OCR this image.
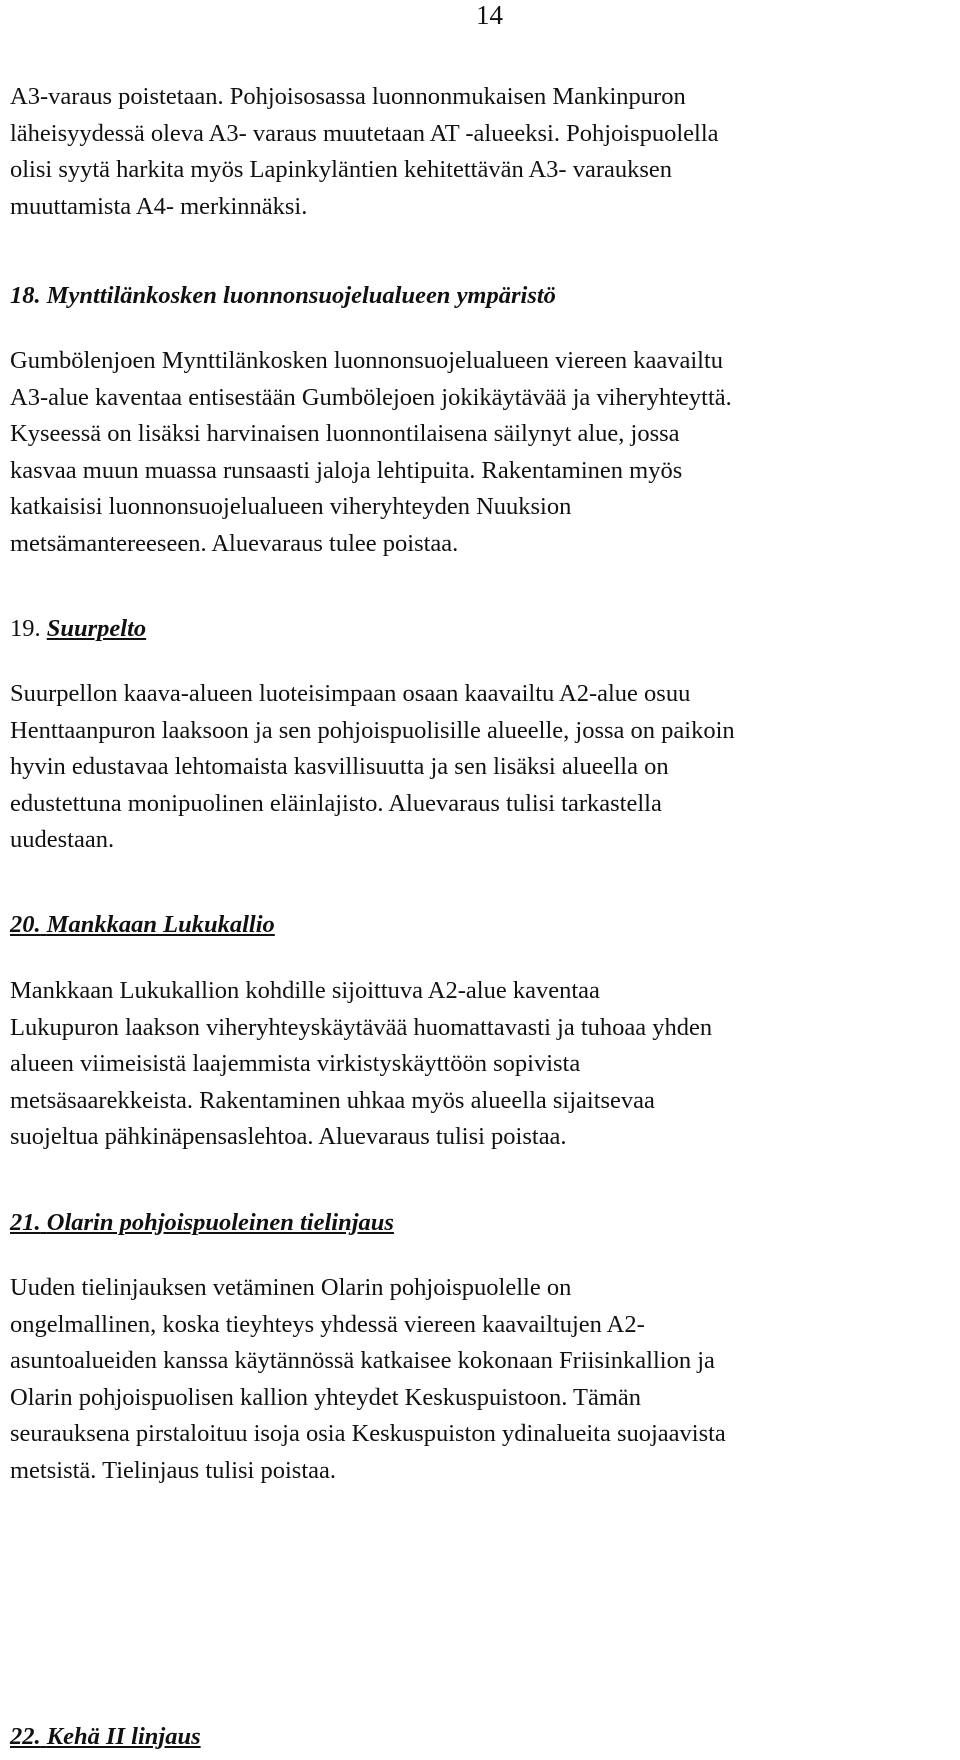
14
A3-varaus poistetaan. Pohjoisosassa luonnonmukaisen Mankinpuron
läheisyydessä oleva A3- varaus muutetaan AT -alueeksi. Pohjoispuolella
olisi syytä harkita myös Lapinkyläntien kehitettävän A3- varauksen
muuttamista A4- merkinnäksi.
18. Mynttilänkosken luonnonsuojelualueen ympäristö
Gumbölenjoen Mynttilänkosken luonnonsuojelualueen viereen kaavailtu
A3-alue kaventaa entisestään Gumbölejoen jokikäytävää ja viheryhteyttä.
Kyseessä on lisäksi harvinaisen luonnontilaisena säilynyt alue, jossa
kasvaa muun muassa runsaasti jaloja lehtipuita. Rakentaminen myös
katkaisisi luonnonsuojelualueen viheryhteyden Nuuksion
metsämantereeseen. Aluevaraus tulee poistaa.
19. Suurpelto
Suurpellon kaava-alueen luoteisimpaan osaan kaavailtu A2-alue osuu
Henttaanpuron laaksoon ja sen pohjoispuolisille alueelle, jossa on paikoin
hyvin edustavaa lehtomaista kasvillisuutta ja sen lisäksi alueella on
edustettuna monipuolinen eläinlajisto. Aluevaraus tulisi tarkastella
uudestaan.
20. Mankkaan Lukukallio
Mankkaan Lukukallion kohdille sijoittuva A2-alue kaventaa
Lukupuron laakson viheryhteyskäytävää huomattavasti ja tuhoaa yhden
alueen viimeisistä laajemmista virkistyskäyttöön sopivista
metsäsaarekkeista. Rakentaminen uhkaa myös alueella sijaitsevaa
suojeltua pähkinäpensaslehtoa. Aluevaraus tulisi poistaa.
21. Olarin pohjoispuoleinen tielinjaus
Uuden tielinjauksen vetäminen Olarin pohjoispuolelle on
ongelmallinen, koska tieyhteys yhdessä viereen kaavailtujen A2-
asuntoalueiden kanssa käytännössä katkaisee kokonaan Friisinkallion ja
Olarin pohjoispuolisen kallion yhteydet Keskuspuistoon. Tämän
seurauksena pirstaloituu isoja osia Keskuspuiston ydinalueita suojaavista
metsistä. Tielinjaus tulisi poistaa.
22. Kehä II linjaus
